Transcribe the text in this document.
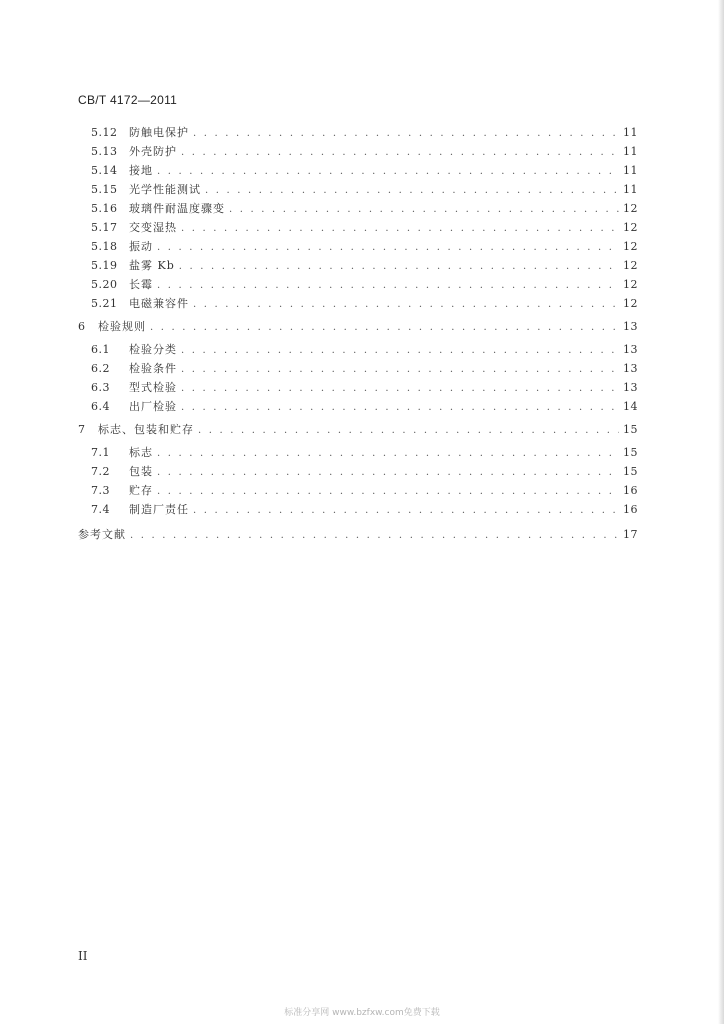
CB/T 4172—2011
5.12	防触电保护 . . .	11
5.13	外壳防护 . . .	11
5.14	接地 . . .	11
5.15	光学性能测试 . . .	11
5.16	玻璃件耐温度骤变 . . .	12
5.17	交变湿热 . . .	12
5.18	振动 . . .	12
5.19	盐雾 Kb . . .	12
5.20	长霉 . . .	12
5.21	电磁兼容件 . . .	12
6	检验规则 . . .	13
6.1	检验分类 . . .	13
6.2	检验条件 . . .	13
6.3	型式检验 . . .	13
6.4	出厂检验 . . .	14
7	标志、包装和贮存 . . .	15
7.1	标志 . . .	15
7.2	包装 . . .	15
7.3	贮存 . . .	16
7.4	制造厂责任 . . .	16
参考文献 . . .	17
II
标准分享网 www.bzfxw.com免费下载
